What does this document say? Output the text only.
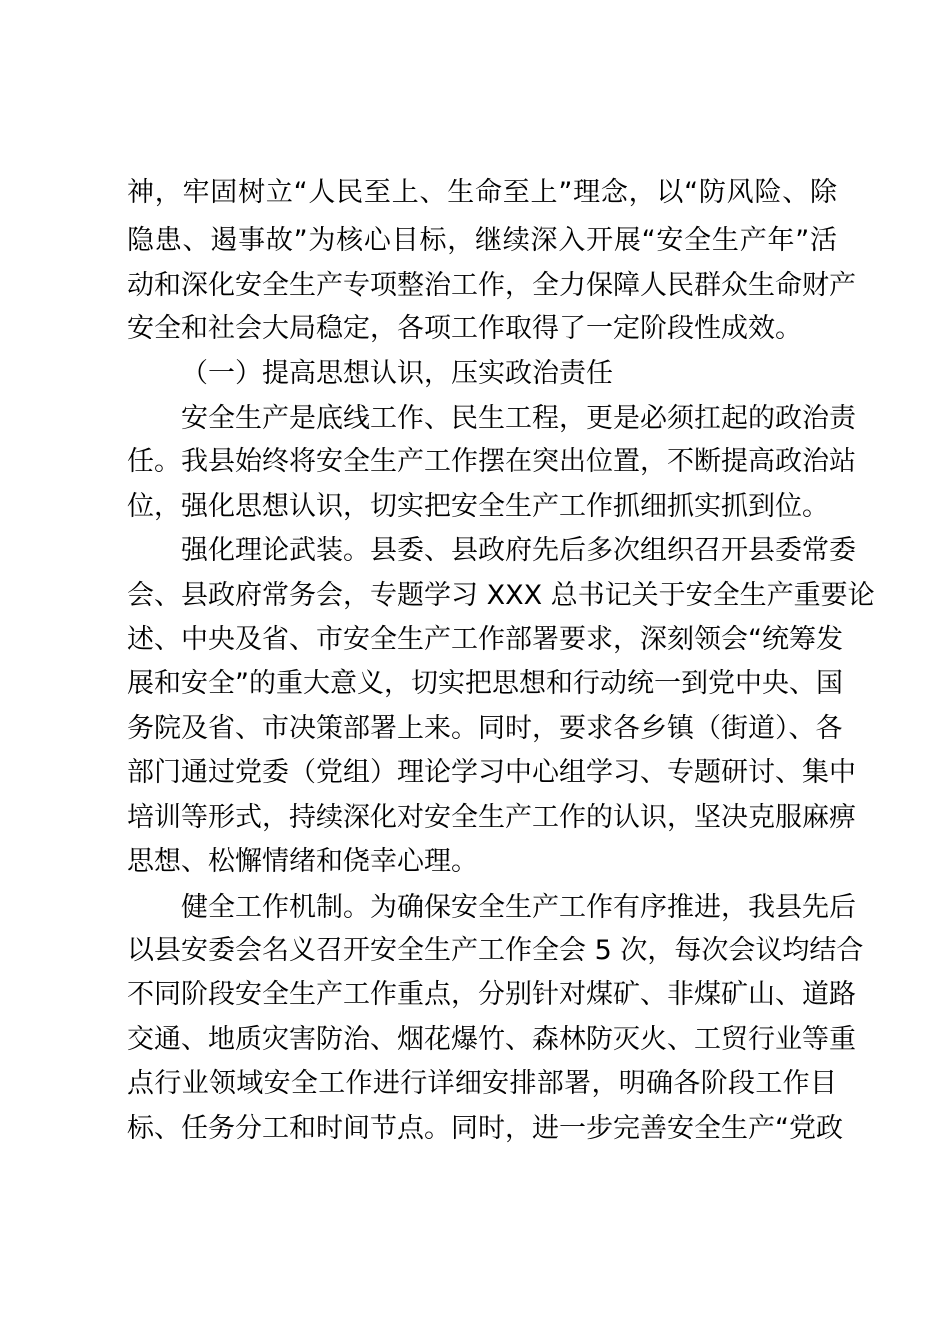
神，牢固树立“人民至上、生命至上”理念，以“防风险、除
隐患、遏事故”为核心目标，继续深入开展“安全生产年”活
动和深化安全生产专项整治工作，全力保障人民群众生命财产
安全和社会大局稳定，各项工作取得了一定阶段性成效。
（一）提高思想认识，压实政治责任
安全生产是底线工作、民生工程，更是必须扛起的政治责
任。我县始终将安全生产工作摆在突出位置，不断提高政治站
位，强化思想认识，切实把安全生产工作抓细抓实抓到位。
强化理论武装。县委、县政府先后多次组织召开县委常委
会、县政府常务会，专题学习 XXX 总书记关于安全生产重要论
述、中央及省、市安全生产工作部署要求，深刻领会“统筹发
展和安全”的重大意义，切实把思想和行动统一到党中央、国
务院及省、市决策部署上来。同时，要求各乡镇（街道）、各
部门通过党委（党组）理论学习中心组学习、专题研讨、集中
培训等形式，持续深化对安全生产工作的认识，坚决克服麻痹
思想、松懈情绪和侥幸心理。
健全工作机制。为确保安全生产工作有序推进，我县先后
以县安委会名义召开安全生产工作全会 5 次，每次会议均结合
不同阶段安全生产工作重点，分别针对煤矿、非煤矿山、道路
交通、地质灾害防治、烟花爆竹、森林防灭火、工贸行业等重
点行业领域安全工作进行详细安排部署，明确各阶段工作目
标、任务分工和时间节点。同时，进一步完善安全生产“党政
